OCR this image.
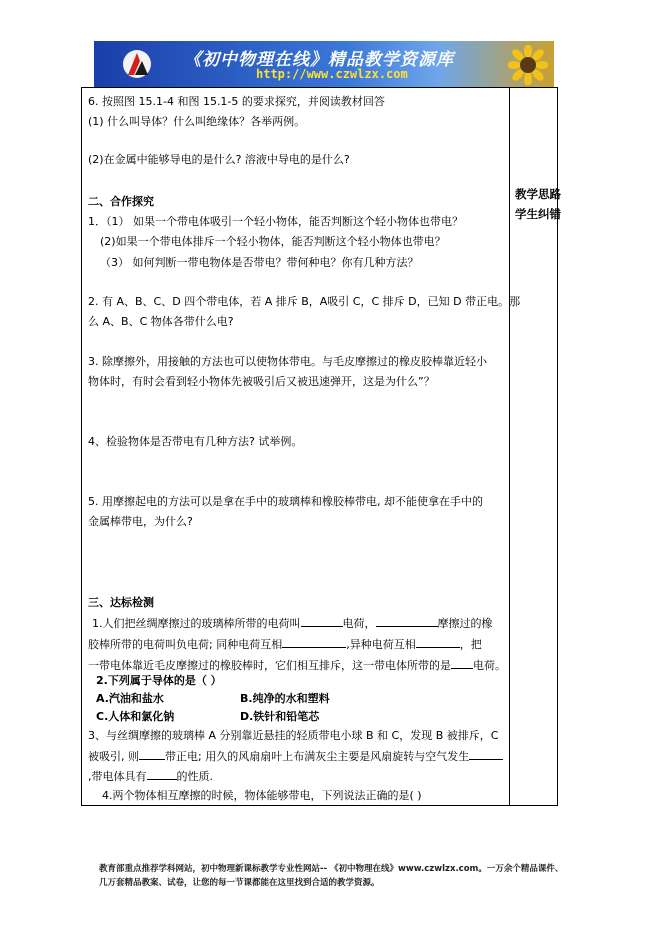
《初中物理在线》精品教学资源库
http://www.czwlzx.com
教学思路
学生纠错
6. 按照图 15.1-4 和图 15.1-5 的要求探究，并阅读教材回答
(1) 什么叫导体？什么叫绝缘体？各举两例。
(2)在金属中能够导电的是什么? 溶液中导电的是什么?
二、合作探究
1．（1） 如果一个带电体吸引一个轻小物体，能否判断这个轻小物体也带电？
(2)如果一个带电体排斥一个轻小物体，能否判断这个轻小物体也带电？
（3） 如何判断一带电物体是否带电？带何种电？你有几种方法？
2. 有 A、B、C、D 四个带电体，若 A 排斥 B，A吸引 C，C 排斥 D，已知 D 带正电。那
么 A、B、C 物体各带什么电?
3. 除摩擦外，用接触的方法也可以使物体带电。与毛皮摩擦过的橡皮胶棒靠近轻小
物体时，有时会看到轻小物体先被吸引后又被迅速弹开，这是为什么”？
4、检验物体是否带电有几种方法? 试举例。
5. 用摩擦起电的方法可以是拿在手中的玻璃棒和橡胶棒带电, 却不能使拿在手中的
金属棒带电，为什么?
三、达标检测
1.人们把丝绸摩擦过的玻璃棒所带的电荷叫	电荷，	摩擦过的橡
胶棒所带的电荷叫负电荷; 同种电荷互相	,异种电荷互相	，把
一带电体靠近毛皮摩擦过的橡胶棒时，它们相互排斥，这一带电体所带的是 电荷。
2.下列属于导体的是（ ）
A.汽油和盐水	B.纯净的水和塑料
C.人体和氯化钠	D.铁针和铅笔芯
3、与丝绸摩擦的玻璃棒 A 分别靠近悬挂的轻质带电小球 B 和 C，发现 B 被排斥，C
被吸引, 则 带正电; 用久的风扇扇叶上布满灰尘主要是风扇旋转与空气发生
,带电体具有	的性质.
4.两个物体相互摩擦的时候，物体能够带电，下列说法正确的是( )
教育部重点推荐学科网站，初中物理新课标教学专业性网站-- 《初中物理在线》www.czwlzx.com。一万余个精品课件、
几万套精品教案、试卷，让您的每一节课都能在这里找到合适的教学资源。
